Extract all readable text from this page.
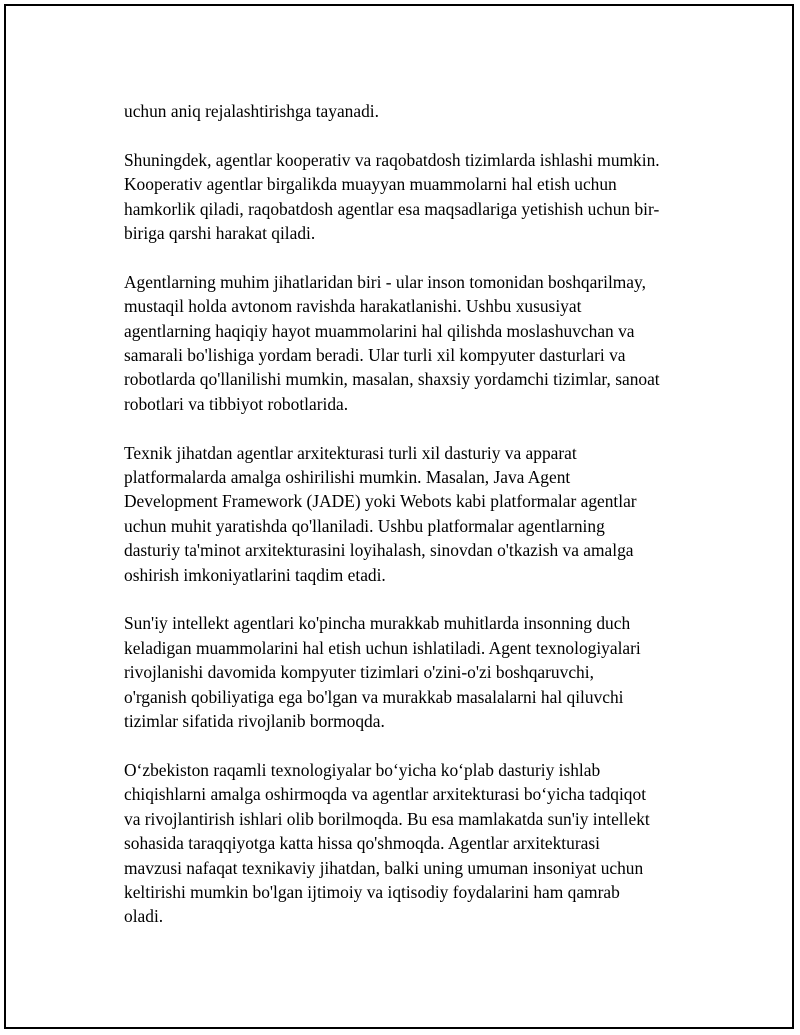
uchun aniq rejalashtirishga tayanadi.

Shuningdek, agentlar kooperativ va raqobatdosh tizimlarda ishlashi mumkin.
Kooperativ agentlar birgalikda muayyan muammolarni hal etish uchun
hamkorlik qiladi, raqobatdosh agentlar esa maqsadlariga yetishish uchun bir-
biriga qarshi harakat qiladi.

Agentlarning muhim jihatlaridan biri - ular inson tomonidan boshqarilmay,
mustaqil holda avtonom ravishda harakatlanishi. Ushbu xususiyat
agentlarning haqiqiy hayot muammolarini hal qilishda moslashuvchan va
samarali bo'lishiga yordam beradi. Ular turli xil kompyuter dasturlari va
robotlarda qo'llanilishi mumkin, masalan, shaxsiy yordamchi tizimlar, sanoat
robotlari va tibbiyot robotlarida.

Texnik jihatdan agentlar arxitekturasi turli xil dasturiy va apparat
platformalarda amalga oshirilishi mumkin. Masalan, Java Agent
Development Framework (JADE) yoki Webots kabi platformalar agentlar
uchun muhit yaratishda qo'llaniladi. Ushbu platformalar agentlarning
dasturiy ta'minot arxitekturasini loyihalash, sinovdan o'tkazish va amalga
oshirish imkoniyatlarini taqdim etadi.

Sun'iy intellekt agentlari ko'pincha murakkab muhitlarda insonning duch
keladigan muammolarini hal etish uchun ishlatiladi. Agent texnologiyalari
rivojlanishi davomida kompyuter tizimlari o'zini-o'zi boshqaruvchi,
o'rganish qobiliyatiga ega bo'lgan va murakkab masalalarni hal qiluvchi
tizimlar sifatida rivojlanib bormoqda.

O‘zbekiston raqamli texnologiyalar bo‘yicha ko‘plab dasturiy ishlab
chiqishlarni amalga oshirmoqda va agentlar arxitekturasi bo‘yicha tadqiqot
va rivojlantirish ishlari olib borilmoqda. Bu esa mamlakatda sun'iy intellekt
sohasida taraqqiyotga katta hissa qo'shmoqda. Agentlar arxitekturasi
mavzusi nafaqat texnikaviy jihatdan, balki uning umuman insoniyat uchun
keltirishi mumkin bo'lgan ijtimoiy va iqtisodiy foydalarini ham qamrab
oladi.
